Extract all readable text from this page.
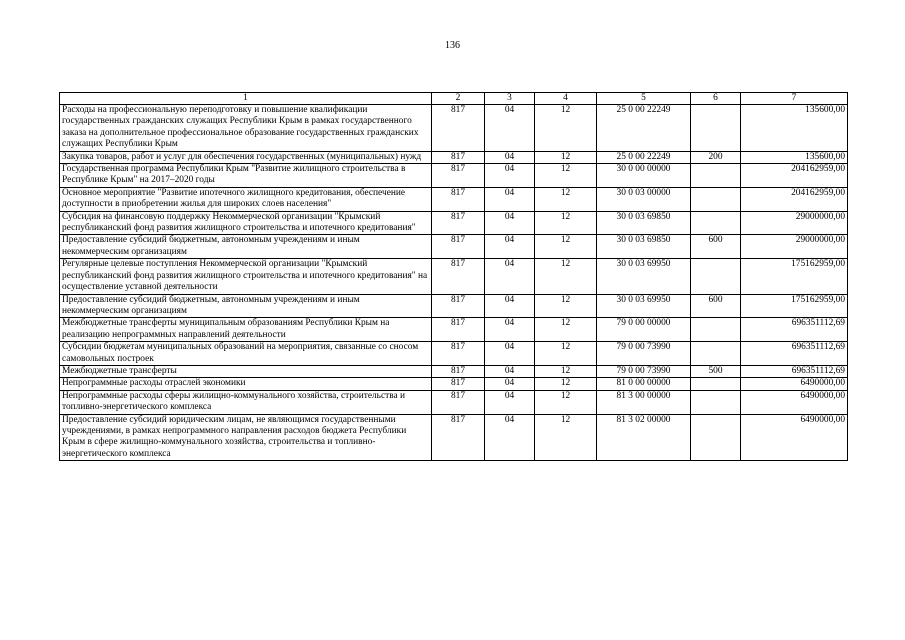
136
1	2	3	4	5	6	7
Расходы на профессиональную переподготовку и повышение квалификации государственных гражданских служащих Республики Крым в рамках государственного заказа на дополнительное профессиональное образование государственных гражданских служащих Республики Крым	817	04	12	25 0 00 22249		135600,00
Закупка товаров, работ и услуг для обеспечения государственных (муниципальных) нужд	817	04	12	25 0 00 22249	200	135600,00
Государственная программа Республики Крым "Развитие жилищного строительства в Республике Крым" на 2017–2020 годы	817	04	12	30 0 00 00000		204162959,00
Основное мероприятие "Развитие ипотечного жилищного кредитования, обеспечение доступности в приобретении жилья для широких слоев населения"	817	04	12	30 0 03 00000		204162959,00
Субсидия на финансовую поддержку Некоммерческой организации "Крымский республиканский фонд развития жилищного строительства и ипотечного кредитования"	817	04	12	30 0 03 69850		29000000,00
Предоставление субсидий бюджетным, автономным учреждениям и иным некоммерческим организациям	817	04	12	30 0 03 69850	600	29000000,00
Регулярные целевые поступления Некоммерческой организации "Крымский республиканский фонд развития жилищного строительства и ипотечного кредитования" на осуществление уставной деятельности	817	04	12	30 0 03 69950		175162959,00
Предоставление субсидий бюджетным, автономным учреждениям и иным некоммерческим организациям	817	04	12	30 0 03 69950	600	175162959,00
Межбюджетные трансферты муниципальным образованиям Республики Крым на реализацию непрограммных направлений деятельности	817	04	12	79 0 00 00000		696351112,69
Субсидии бюджетам муниципальных образований на мероприятия, связанные со сносом самовольных построек	817	04	12	79 0 00 73990		696351112,69
Межбюджетные трансферты	817	04	12	79 0 00 73990	500	696351112,69
Непрограммные расходы отраслей экономики	817	04	12	81 0 00 00000		6490000,00
Непрограммные расходы сферы жилищно-коммунального хозяйства, строительства и топливно-энергетического комплекса	817	04	12	81 3 00 00000		6490000,00
Предоставление субсидий юридическим лицам, не являющимся государственными учреждениями, в рамках непрограммного направления расходов бюджета Республики Крым в сфере жилищно-коммунального хозяйства, строительства и топливно-энергетического комплекса	817	04	12	81 3 02 00000		6490000,00
